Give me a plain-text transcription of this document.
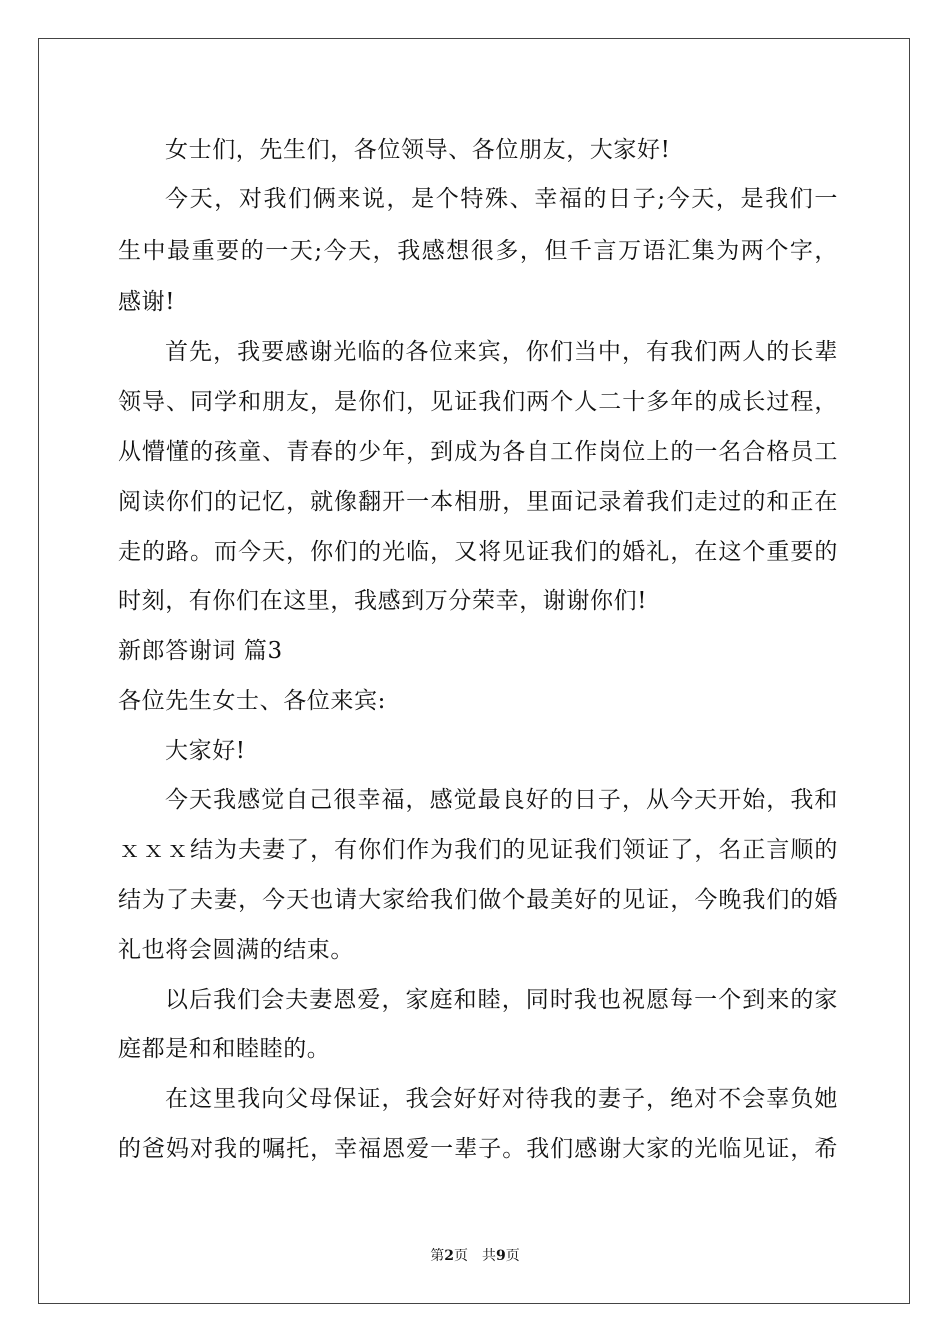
女士们，先生们，各位领导、各位朋友，大家好!
今天，对我们俩来说，是个特殊、幸福的日子;今天，是我们一
生中最重要的一天;今天，我感想很多，但千言万语汇集为两个字，
感谢!
首先，我要感谢光临的各位来宾，你们当中，有我们两人的长辈
领导、同学和朋友，是你们，见证我们两个人二十多年的成长过程，
从懵懂的孩童、青春的少年，到成为各自工作岗位上的一名合格员工
阅读你们的记忆，就像翻开一本相册，里面记录着我们走过的和正在
走的路。而今天，你们的光临，又将见证我们的婚礼，在这个重要的
时刻，有你们在这里，我感到万分荣幸，谢谢你们!
新郎答谢词 篇3
各位先生女士、各位来宾:
大家好!
今天我感觉自己很幸福，感觉最良好的日子，从今天开始，我和
ｘｘｘ结为夫妻了，有你们作为我们的见证我们领证了，名正言顺的
结为了夫妻，今天也请大家给我们做个最美好的见证，今晚我们的婚
礼也将会圆满的结束。
以后我们会夫妻恩爱，家庭和睦，同时我也祝愿每一个到来的家
庭都是和和睦睦的。
在这里我向父母保证，我会好好对待我的妻子，绝对不会辜负她
的爸妈对我的嘱托，幸福恩爱一辈子。我们感谢大家的光临见证，希
第2页　共9页
